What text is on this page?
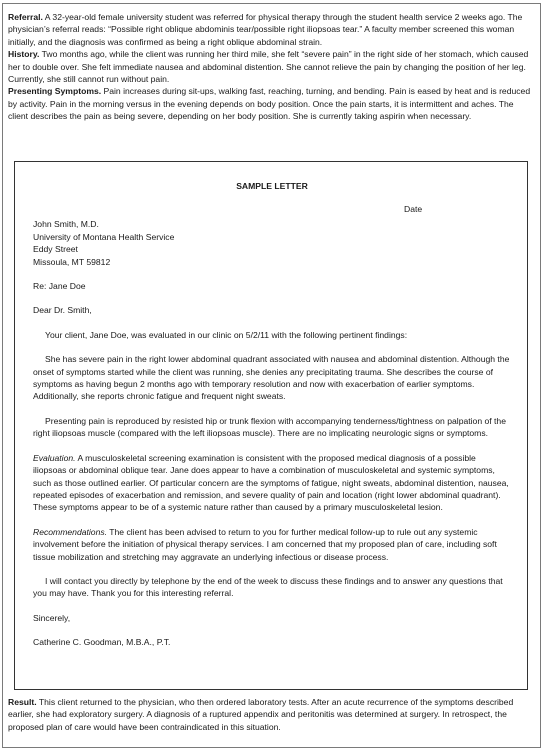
Referral. A 32-year-old female university student was referred for physical therapy through the student health service 2 weeks ago. The physician’s referral reads: “Possible right oblique abdominis tear/possible right iliopsoas tear.” A faculty member screened this woman initially, and the diagnosis was confirmed as being a right oblique abdominal strain.

History. Two months ago, while the client was running her third mile, she felt “severe pain” in the right side of her stomach, which caused her to double over. She felt immediate nausea and abdominal distention. She cannot relieve the pain by changing the position of her leg. Currently, she still cannot run without pain.

Presenting Symptoms. Pain increases during sit-ups, walking fast, reaching, turning, and bending. Pain is eased by heat and is reduced by activity. Pain in the morning versus in the evening depends on body position. Once the pain starts, it is intermittent and aches. The client describes the pain as being severe, depending on her body position. She is currently taking aspirin when necessary.

SAMPLE LETTER

Date
John Smith, M.D.
University of Montana Health Service
Eddy Street
Missoula, MT 59812
Re: Jane Doe
Dear Dr. Smith,
Your client, Jane Doe, was evaluated in our clinic on 5/2/11 with the following pertinent findings:
She has severe pain in the right lower abdominal quadrant associated with nausea and abdominal distention. Although the onset of symptoms started while the client was running, she denies any precipitating trauma. She describes the course of symptoms as having begun 2 months ago with temporary resolution and now with exacerbation of earlier symptoms. Additionally, she reports chronic fatigue and frequent night sweats.
Presenting pain is reproduced by resisted hip or trunk flexion with accompanying tenderness/tightness on palpation of the right iliopsoas muscle (compared with the left iliopsoas muscle). There are no implicating neurologic signs or symptoms.
Evaluation. A musculoskeletal screening examination is consistent with the proposed medical diagnosis of a possible iliopsoas or abdominal oblique tear. Jane does appear to have a combination of musculoskeletal and systemic symptoms, such as those outlined earlier. Of particular concern are the symptoms of fatigue, night sweats, abdominal distention, nausea, repeated episodes of exacerbation and remission, and severe quality of pain and location (right lower abdominal quadrant). These symptoms appear to be of a systemic nature rather than caused by a primary musculoskeletal lesion.
Recommendations. The client has been advised to return to you for further medical follow-up to rule out any systemic involvement before the initiation of physical therapy services. I am concerned that my proposed plan of care, including soft tissue mobilization and stretching may aggravate an underlying infectious or disease process.
I will contact you directly by telephone by the end of the week to discuss these findings and to answer any questions that you may have. Thank you for this interesting referral.
Sincerely,
Catherine C. Goodman, M.B.A., P.T.

Result. This client returned to the physician, who then ordered laboratory tests. After an acute recurrence of the symptoms described earlier, she had exploratory surgery. A diagnosis of a ruptured appendix and peritonitis was determined at surgery. In retrospect, the proposed plan of care would have been contraindicated in this situation.
